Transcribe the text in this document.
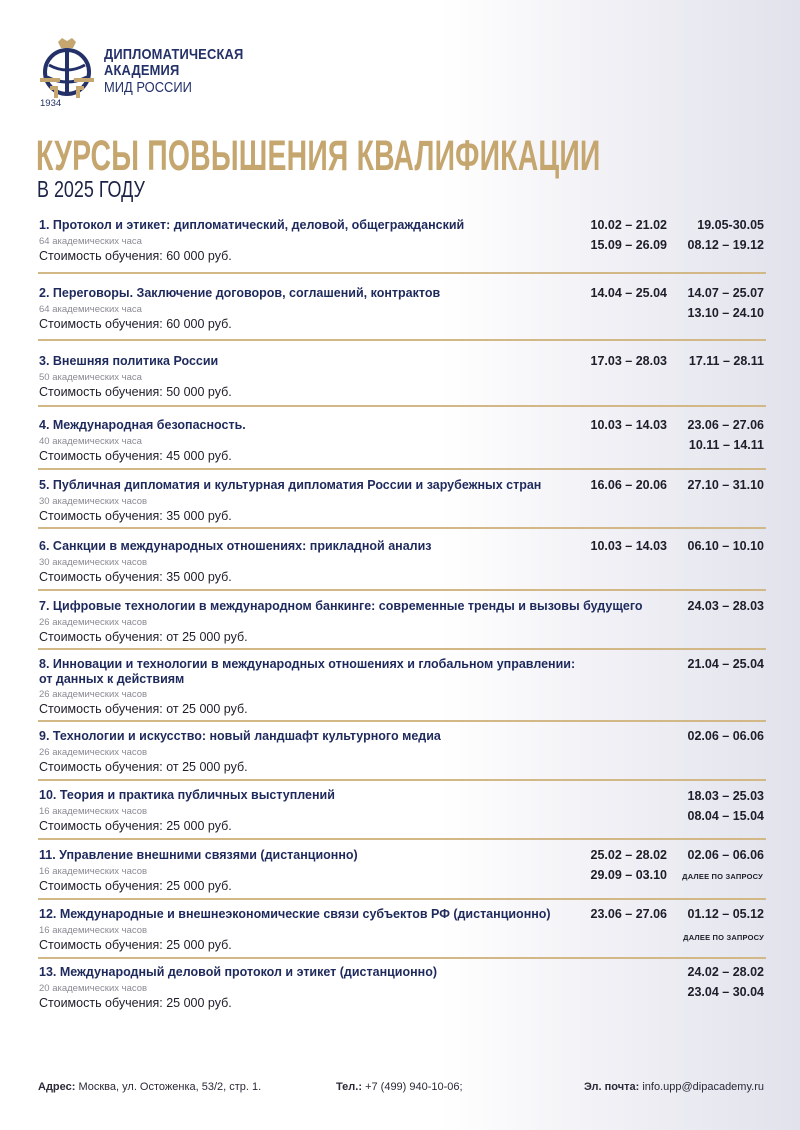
1934
ДИПЛОМАТИЧЕСКАЯ
АКАДЕМИЯ
МИД РОССИИ
КУРСЫ ПОВЫШЕНИЯ КВАЛИФИКАЦИИ
В 2025 ГОДУ
1. Протокол и этикет: дипломатический, деловой, общегражданский
64 академических часа
Стоимость обучения: 60 000 руб.
10.02 – 21.02 19.05-30.05
15.09 – 26.09 08.12 – 19.12
2. Переговоры. Заключение договоров, соглашений, контрактов
64 академических часа
Стоимость обучения: 60 000 руб.
14.04 – 25.04 14.07 – 25.07
13.10 – 24.10
3. Внешняя политика России
50 академических часа
Стоимость обучения: 50 000 руб.
17.03 – 28.03 17.11 – 28.11
4. Международная безопасность.
40 академических часа
Стоимость обучения: 45 000 руб.
10.03 – 14.03 23.06 – 27.06
10.11 – 14.11
5. Публичная дипломатия и культурная дипломатия России и зарубежных стран
30 академических часов
Стоимость обучения: 35 000 руб.
16.06 – 20.06 27.10 – 31.10
6. Санкции в международных отношениях: прикладной анализ
30 академических часов
Стоимость обучения: 35 000 руб.
10.03 – 14.03 06.10 – 10.10
7. Цифровые технологии в международном банкинге: современные тренды и вызовы будущего
26 академических часов
Стоимость обучения: от 25 000 руб.
24.03 – 28.03
8. Инновации и технологии в международных отношениях и глобальном управлении:
от данных к действиям
26 академических часов
Стоимость обучения: от 25 000 руб.
21.04 – 25.04
9. Технологии и искусство: новый ландшафт культурного медиа
26 академических часов
Стоимость обучения: от 25 000 руб.
02.06 – 06.06
10. Теория и практика публичных выступлений
16 академических часов
Стоимость обучения: 25 000 руб.
18.03 – 25.03
08.04 – 15.04
11. Управление внешними связями (дистанционно)
16 академических часов
Стоимость обучения: 25 000 руб.
25.02 – 28.02 02.06 – 06.06
29.09 – 03.10 ДАЛЕЕ ПО ЗАПРОСУ
12. Международные и внешнеэкономические связи субъектов РФ (дистанционно)
16 академических часов
Стоимость обучения: 25 000 руб.
23.06 – 27.06 01.12 – 05.12
ДАЛЕЕ ПО ЗАПРОСУ
13. Международный деловой протокол и этикет (дистанционно)
20 академических часов
Стоимость обучения: 25 000 руб.
24.02 – 28.02
23.04 – 30.04
Адрес: Москва, ул. Остоженка, 53/2, стр. 1.	Тел.: +7 (499) 940-10-06;	Эл. почта: info.upp@dipacademy.ru
